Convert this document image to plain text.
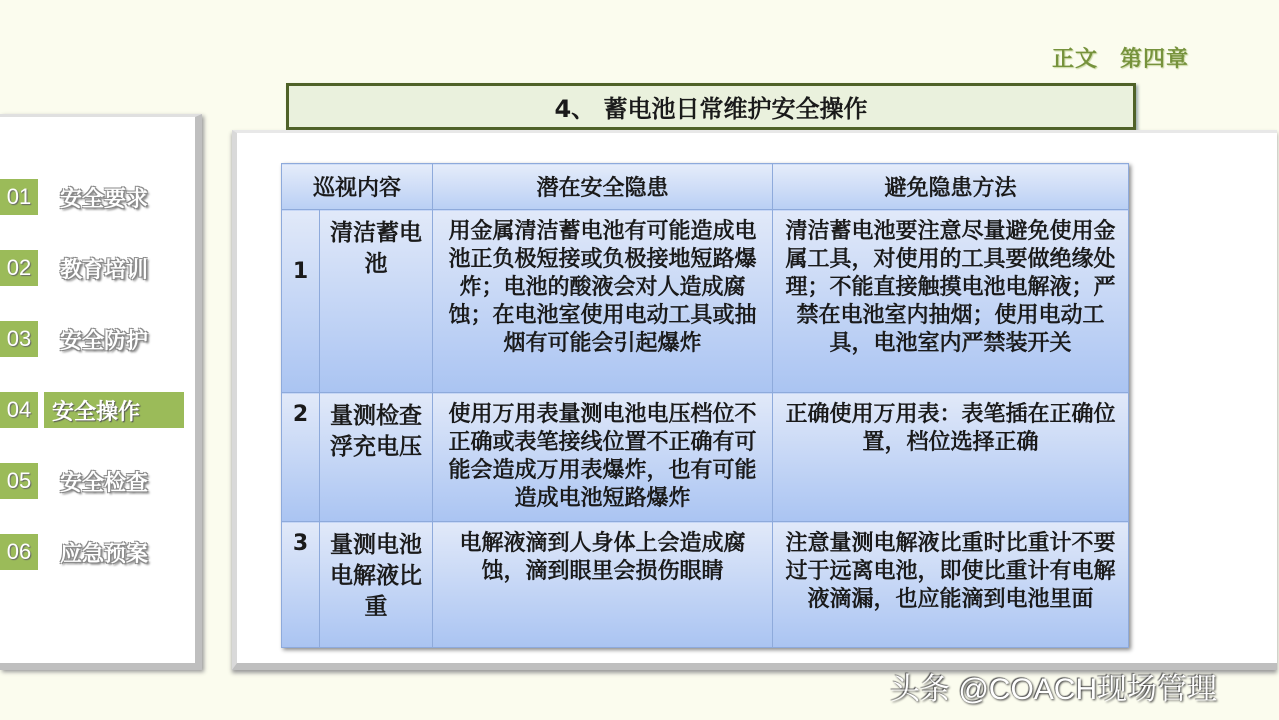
正文 第四章
4、 蓄电池日常维护安全操作
01	安全要求
02	教育培训
03	安全防护
04 安全操作
05	安全检查
06	应急预案
巡视内容		潜在安全隐患	避免隐患方法
1	清洁蓄电池	用金属清洁蓄电池有可能造成电池正负极短接或负极接地短路爆炸；电池的酸液会对人造成腐蚀；在电池室使用电动工具或抽烟有可能会引起爆炸	清洁蓄电池要注意尽量避免使用金属工具，对使用的工具要做绝缘处理；不能直接触摸电池电解液；严禁在电池室内抽烟；使用电动工具，电池室内严禁装开关
2	量测检查浮充电压	使用万用表量测电池电压档位不正确或表笔接线位置不正确有可能会造成万用表爆炸，也有可能造成电池短路爆炸	正确使用万用表：表笔插在正确位置，档位选择正确
3	量测电池电解液比重	电解液滴到人身体上会造成腐蚀，滴到眼里会损伤眼睛	注意量测电解液比重时比重计不要过于远离电池，即使比重计有电解液滴漏，也应能滴到电池里面
头条 @COACH现场管理
